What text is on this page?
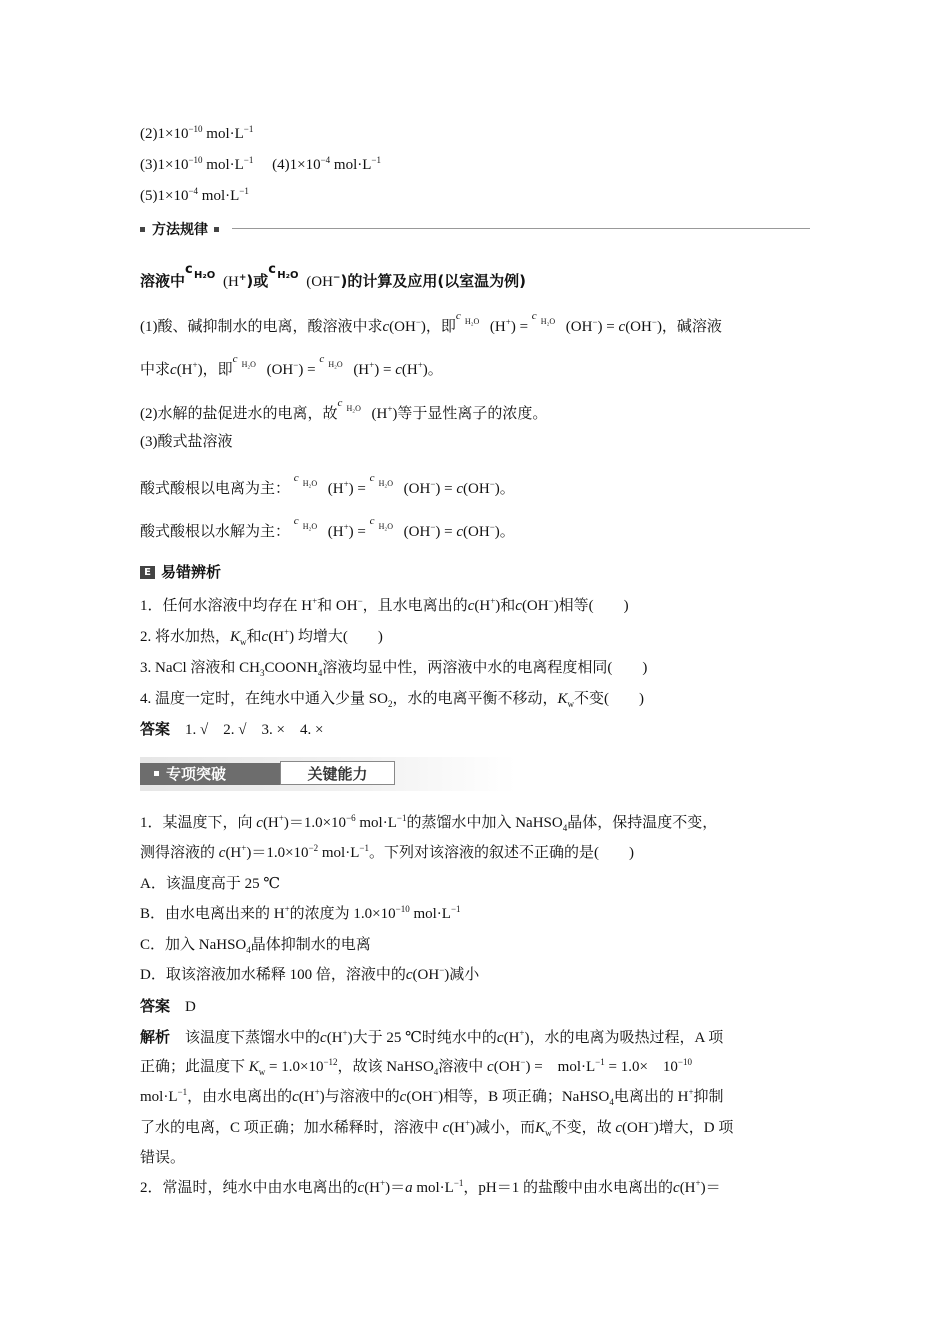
$(2)1\times 10^{-10}$ $mol\cdot L^{-1}$
$(3)1\times 10^{-10}$ $mol\cdot L^{-1}$　 $(4)1\times 10^{-4}$ $mol\cdot L^{-1}$
$(5)1\times 10^{-4}$ $mol\cdot L^{-1}$
方法规律
溶液中
c H₂O (H+)或
c H₂O (OH−)的计算及应用(以室温为例)
(1)酸、碱抑制水的电离，酸溶液中求c(OH−)，即
c H₂O (H+) =
c H₂O (OH−) = c(OH−)，碱溶液
中求c(H+)，即
c H₂O (OH−) =
c H₂O (H+) = c(H+)。
(2)水解的盐促进水的电离，故
c H₂O (H+)等于显性离子的浓度。
(3)酸式盐溶液
酸式酸根以电离为主：
c H₂O (H+) =
c H₂O (OH−) = c(OH−)。
酸式酸根以水解为主：
c H₂O (H+) =
c H₂O (OH−) = c(OH−)。
E 易错辨析
1．任何水溶液中均存在 H+和 OH−，且水电离出的c(H+)和c(OH−)相等(　　)
2. 将水加热，$K_w$和c(H+) 均增大(　　)
3. NaCl 溶液和 $CH_3COONH_4$溶液均显中性，两溶液中水的电离程度相同(　　)
4. 温度一定时，在纯水中通入少量 $SO_2$，水的电离平衡不移动，$K_w$不变(　　)
答案　 1. √　2. √　3. ×　4. ×
专项突破	关键能力
1．某温度下，向 $c(H^+)=1.0\times 10^{-6}$ $mol\cdot L^{-1}$的蒸馏水中加入 NaHSO$_4$晶体，保持温度不变，
测得溶液的 $c(H^+)=1.0\times 10^{-2}$ $mol\cdot L^{-1}$。下列对该溶液的叙述不正确的是(　　)
A．该温度高于 25 ℃
B．由水电离出来的 H+的浓度为 $1.0\times 10^{-10}$ $mol\cdot L^{-1}$
C．加入 NaHSO$_4$晶体抑制水的电离
D．取该溶液加水稀释 100 倍，溶液中的c(OH−)减小
答案　 D
解析　 该温度下蒸馏水中的c(H+)大于 25 ℃时纯水中的c(H+)，水的电离为吸热过程，A 项
正确；此温度下 $K_w = 1.0\times 10^{-12}$，故该 NaHSO$_4$溶液中 c(OH−) =　$mol\cdot L^{-1} = 1.0\times$　$10^{-10}$
$mol\cdot L^{-1}$，由水电离出的c(H+)与溶液中的c(OH−)相等，B 项正确；NaHSO$_4$电离出的 H+抑制
了水的电离，C 项正确；加水稀释时，溶液中 c(H+)减小，而$K_w$不变，故 c(OH−)增大，D 项
错误。
2．常温时，纯水中由水电离出的c(H+)＝a $mol\cdot L^{-1}$，pH＝1 的盐酸中由水电离出的c(H+)＝
